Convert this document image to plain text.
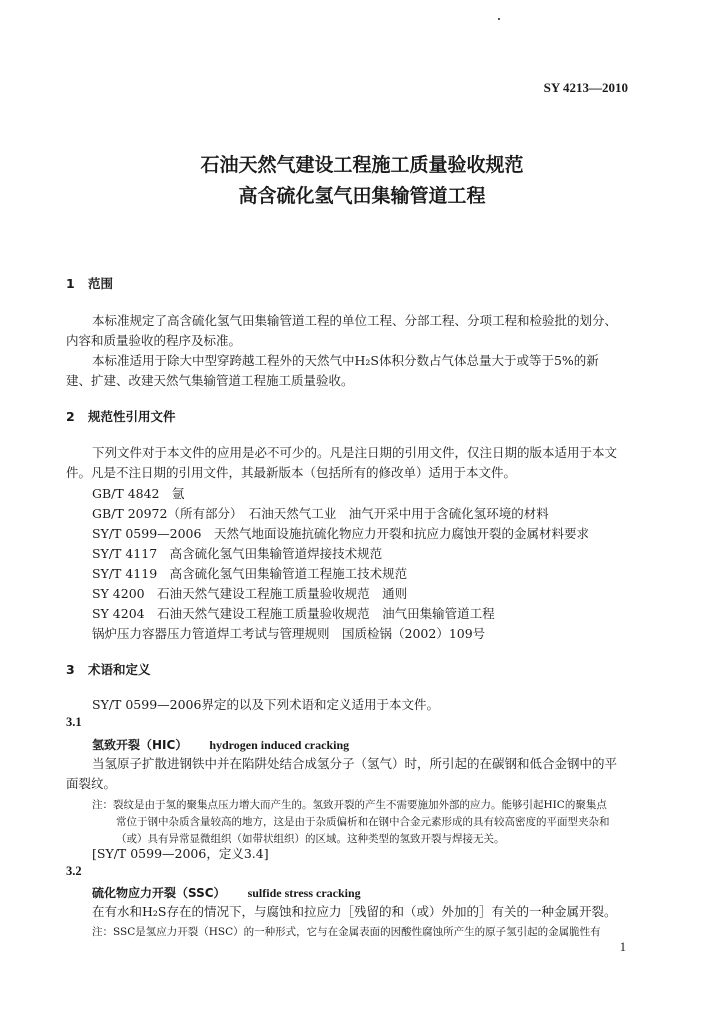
SY 4213—2010
石油天然气建设工程施工质量验收规范
高含硫化氢气田集输管道工程
1 范围
本标准规定了高含硫化氢气田集输管道工程的单位工程、分部工程、分项工程和检验批的划分、
内容和质量验收的程序及标准。
本标准适用于除大中型穿跨越工程外的天然气中H₂S体积分数占气体总量大于或等于5%的新
建、扩建、改建天然气集输管道工程施工质量验收。
2 规范性引用文件
下列文件对于本文件的应用是必不可少的。凡是注日期的引用文件，仅注日期的版本适用于本文
件。凡是不注日期的引用文件，其最新版本（包括所有的修改单）适用于本文件。
GB/T 4842　氩
GB/T 20972（所有部分）　石油天然气工业　油气开采中用于含硫化氢环境的材料
SY/T 0599—2006　天然气地面设施抗硫化物应力开裂和抗应力腐蚀开裂的金属材料要求
SY/T 4117　高含硫化氢气田集输管道焊接技术规范
SY/T 4119　高含硫化氢气田集输管道工程施工技术规范
SY 4200　石油天然气建设工程施工质量验收规范　通则
SY 4204　石油天然气建设工程施工质量验收规范　油气田集输管道工程
锅炉压力容器压力管道焊工考试与管理规则　国质检锅（2002）109号
3 术语和定义
SY/T 0599—2006界定的以及下列术语和定义适用于本文件。
3.1
氢致开裂（HIC） hydrogen induced cracking
当氢原子扩散进钢铁中并在陷阱处结合成氢分子（氢气）时，所引起的在碳钢和低合金钢中的平
面裂纹。
注：裂纹是由于氢的聚集点压力增大而产生的。氢致开裂的产生不需要施加外部的应力。能够引起HIC的聚集点
常位于钢中杂质含量较高的地方，这是由于杂质偏析和在钢中合金元素形成的具有较高密度的平面型夹杂和
（或）具有异常显微组织（如带状组织）的区域。这种类型的氢致开裂与焊接无关。
[SY/T 0599—2006，定义3.4]
3.2
硫化物应力开裂（SSC） sulfide stress cracking
在有水和H₂S存在的情况下，与腐蚀和拉应力［残留的和（或）外加的］有关的一种金属开裂。
注：SSC是氢应力开裂（HSC）的一种形式，它与在金属表面的因酸性腐蚀所产生的原子氢引起的金属脆性有
1
